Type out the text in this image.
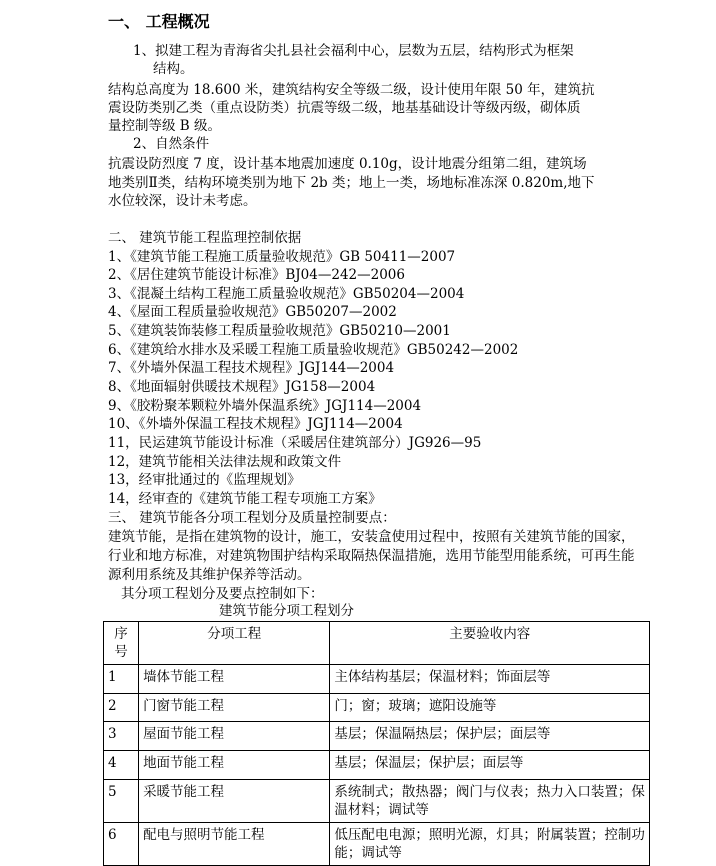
一、 工程概况
1、拟建工程为青海省尖扎县社会福利中心，层数为五层，结构形式为框架
结构。
结构总高度为 18.600 米，建筑结构安全等级二级，设计使用年限 50 年，建筑抗
震设防类别乙类（重点设防类）抗震等级二级，地基基础设计等级丙级，砌体质
量控制等级 B 级。
2、自然条件
抗震设防烈度 7 度，设计基本地震加速度 0.10g，设计地震分组第二组，建筑场
地类别Ⅱ类，结构环境类别为地下 2b 类；地上一类，场地标准冻深 0.820m,地下
水位较深，设计未考虑。
二、 建筑节能工程监理控制依据
1、《建筑节能工程施工质量验收规范》GB 50411—2007
2、《居住建筑节能设计标准》BJ04—242—2006
3、《混凝土结构工程施工质量验收规范》GB50204—2004
4、《屋面工程质量验收规范》GB50207—2002
5、《建筑装饰装修工程质量验收规范》GB50210—2001
6、《建筑给水排水及采暖工程施工质量验收规范》GB50242—2002
7、《外墙外保温工程技术规程》JGJ144—2004
8、《地面辐射供暖技术规程》JG158—2004
9、《胶粉聚苯颗粒外墙外保温系统》JGJ114—2004
10、《外墙外保温工程技术规程》JGJ114—2004
11，民运建筑节能设计标准（采暖居住建筑部分）JG926—95
12，建筑节能相关法律法规和政策文件
13，经审批通过的《监理规划》
14，经审查的《建筑节能工程专项施工方案》
三、 建筑节能各分项工程划分及质量控制要点：
建筑节能，是指在建筑物的设计，施工，安装盒使用过程中，按照有关建筑节能的国家，
行业和地方标准，对建筑物围护结构采取隔热保温措施，选用节能型用能系统，可再生能
源利用系统及其维护保养等活动。
其分项工程划分及要点控制如下：
建筑节能分项工程划分
序号	分项工程	主要验收内容
1	墙体节能工程	主体结构基层；保温材料；饰面层等
2	门窗节能工程	门；窗；玻璃；遮阳设施等
3	屋面节能工程	基层；保温隔热层；保护层；面层等
4	地面节能工程	基层；保温层；保护层；面层等
5	采暖节能工程	系统制式；散热器；阀门与仪表；热力入口装置；保温材料；调试等
6	配电与照明节能工程	低压配电电源；照明光源，灯具；附属装置；控制功能；调试等
